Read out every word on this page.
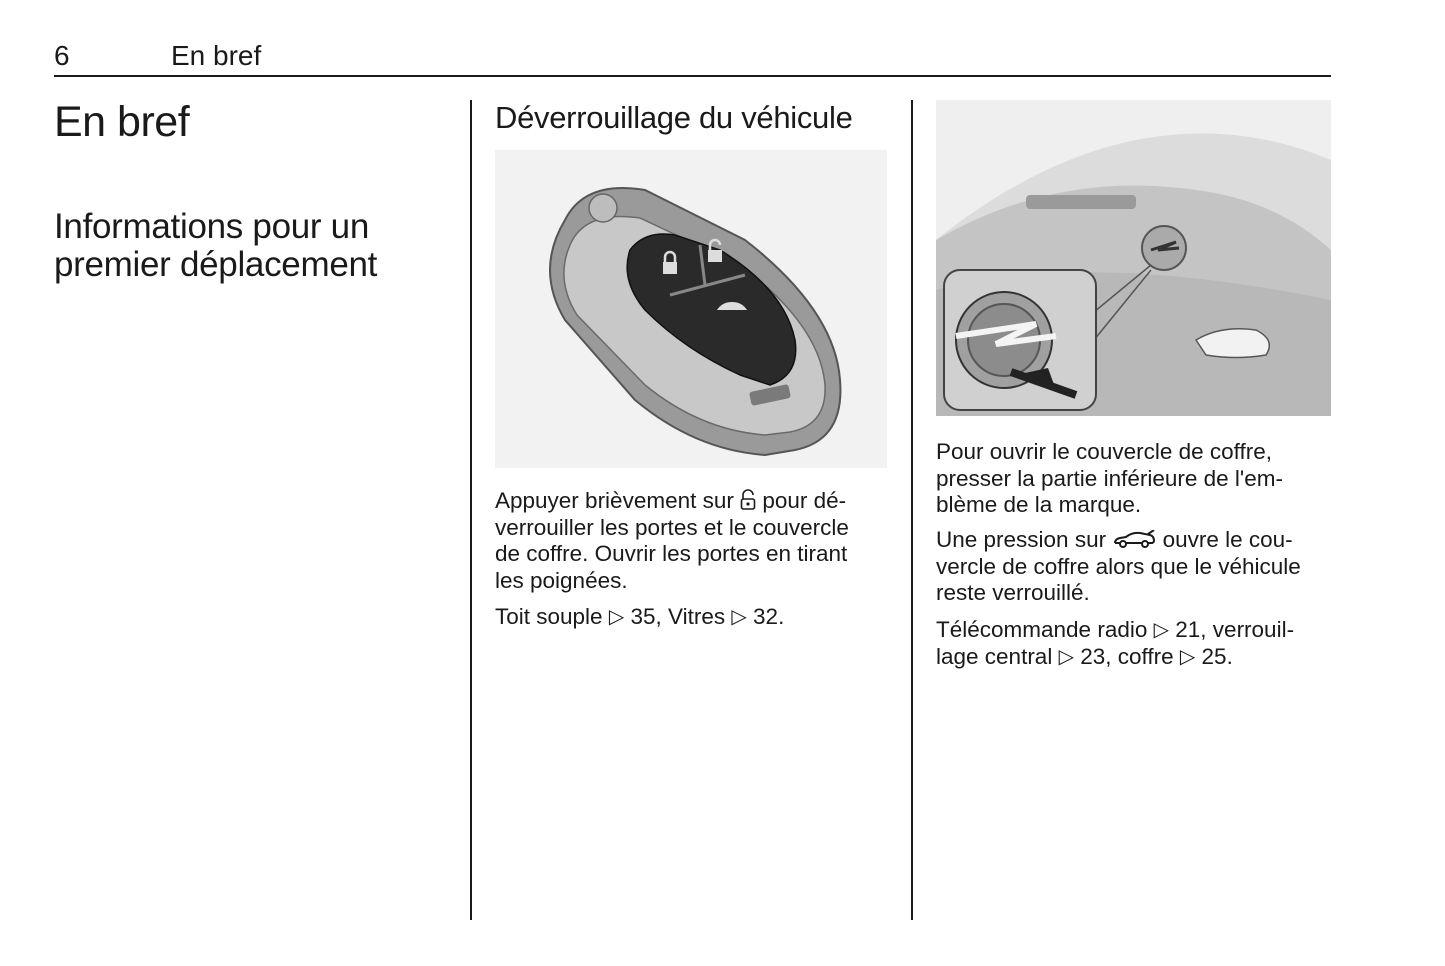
6	En bref
En bref
Informations pour un
premier déplacement
Déverrouillage du véhicule

Appuyer brièvement sur  pour dé-
verrouiller les portes et le couvercle
de coffre. Ouvrir les portes en tirant
les poignées.

Toit souple ▷ 35, Vitres ▷ 32.

Pour ouvrir le couvercle de coffre,
presser la partie inférieure de l'em-
blème de la marque.

Une pression sur  ouvre le cou-
vercle de coffre alors que le véhicule
reste verrouillé.

Télécommande radio ▷ 21, verrouil-
lage central ▷ 23, coffre ▷ 25.
